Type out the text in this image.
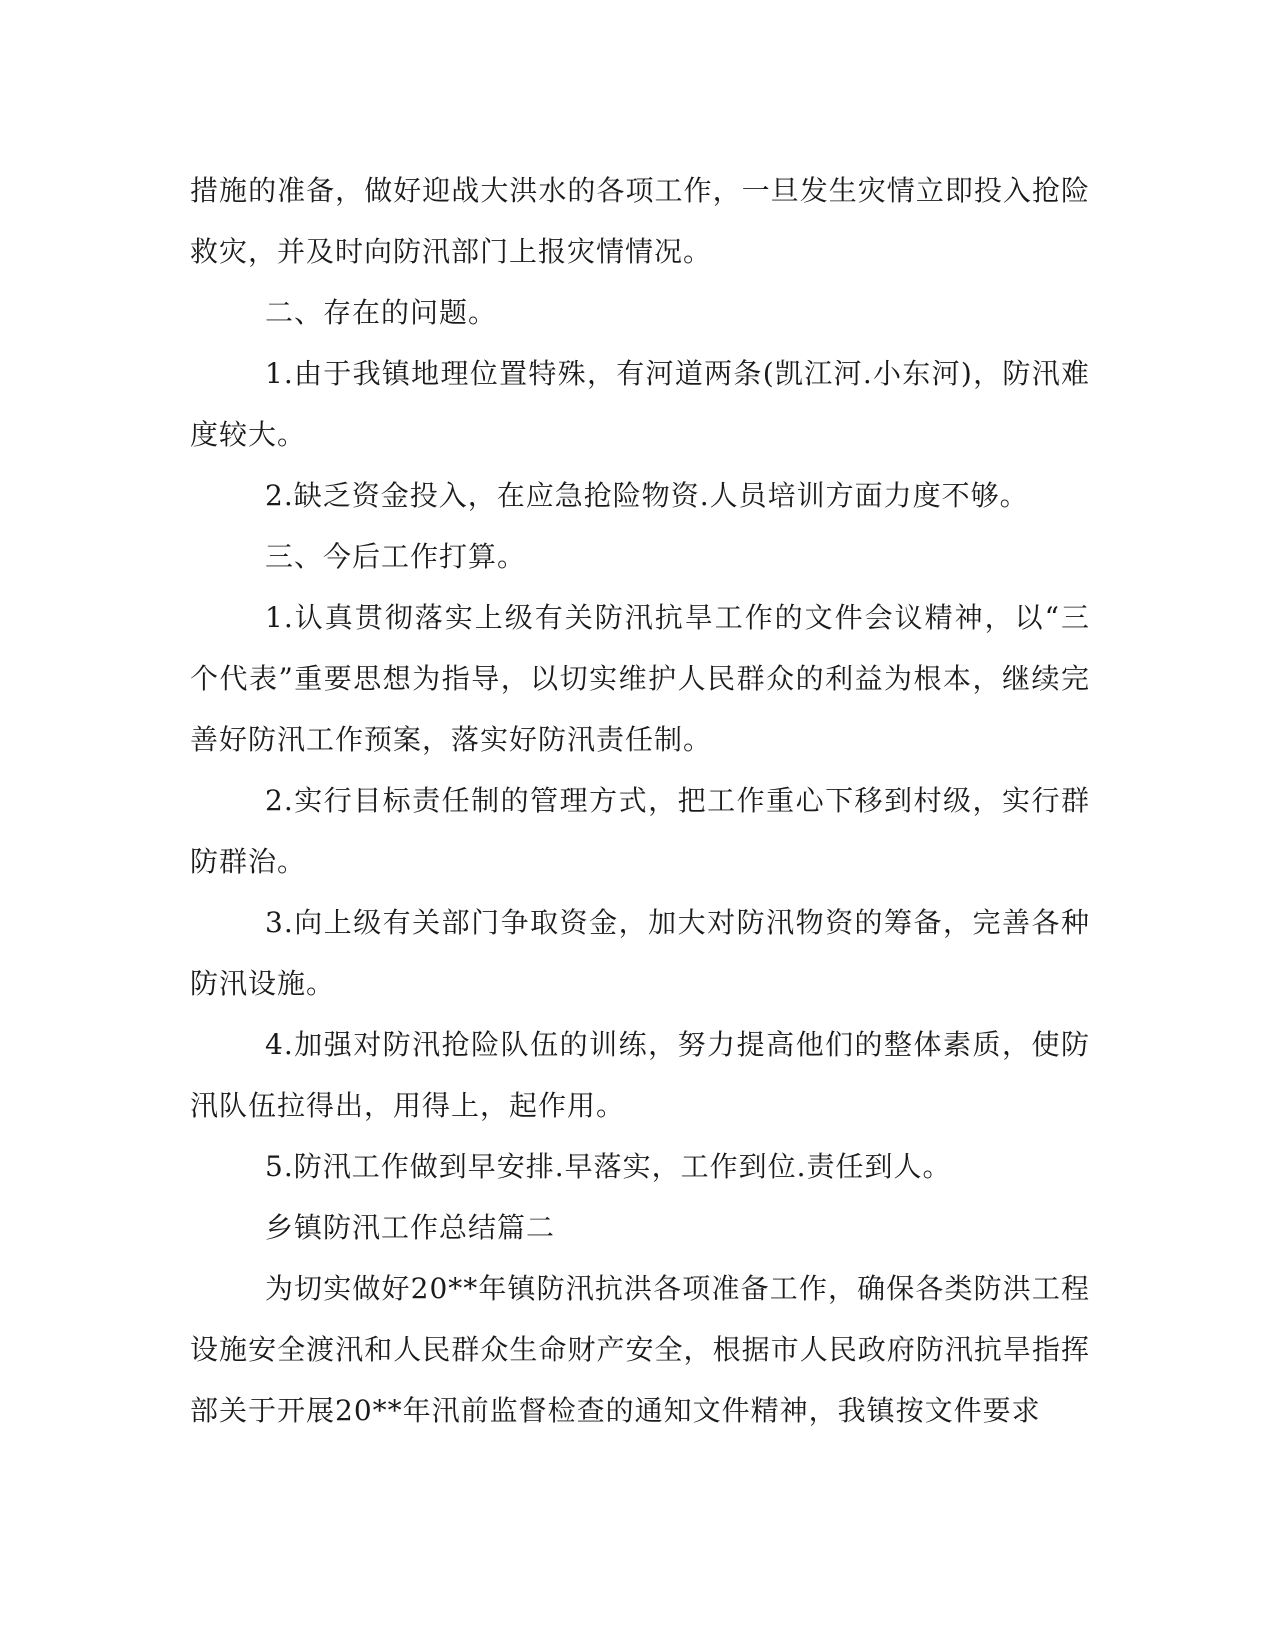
措施的准备，做好迎战大洪水的各项工作，一旦发生灾情立即投入抢险救灾，并及时向防汛部门上报灾情情况。

二、存在的问题。

1.由于我镇地理位置特殊，有河道两条(凯江河.小东河)，防汛难度较大。

2.缺乏资金投入，在应急抢险物资.人员培训方面力度不够。

三、今后工作打算。

1.认真贯彻落实上级有关防汛抗旱工作的文件会议精神，以“三个代表”重要思想为指导，以切实维护人民群众的利益为根本，继续完善好防汛工作预案，落实好防汛责任制。

2.实行目标责任制的管理方式，把工作重心下移到村级，实行群防群治。

3.向上级有关部门争取资金，加大对防汛物资的筹备，完善各种防汛设施。

4.加强对防汛抢险队伍的训练，努力提高他们的整体素质，使防汛队伍拉得出，用得上，起作用。

5.防汛工作做到早安排.早落实，工作到位.责任到人。

乡镇防汛工作总结篇二

为切实做好20**年镇防汛抗洪各项准备工作，确保各类防洪工程设施安全渡汛和人民群众生命财产安全，根据市人民政府防汛抗旱指挥部关于开展20**年汛前监督检查的通知文件精神，我镇按文件要求
